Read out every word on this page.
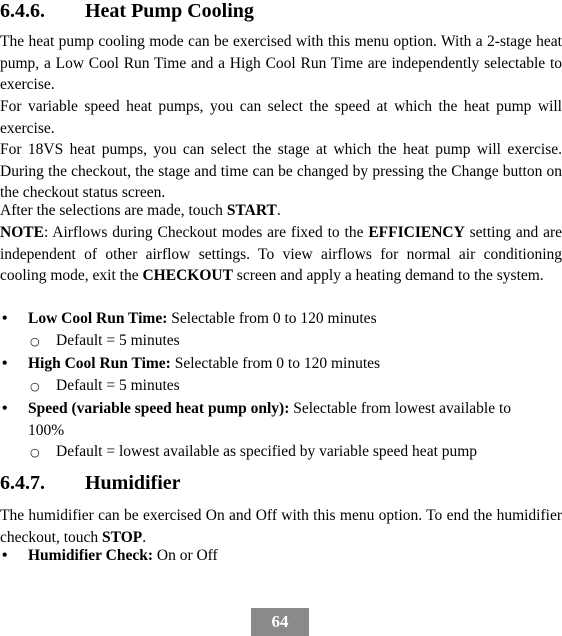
6.4.6. Heat Pump Cooling

The heat pump cooling mode can be exercised with this menu option. With a 2-stage heat pump, a Low Cool Run Time and a High Cool Run Time are independently selectable to exercise.

For variable speed heat pumps, you can select the speed at which the heat pump will exercise.

For 18VS heat pumps, you can select the stage at which the heat pump will exercise. During the checkout, the stage and time can be changed by pressing the Change button on the checkout status screen.

After the selections are made, touch START.

NOTE: Airflows during Checkout modes are fixed to the EFFICIENCY setting and are independent of other airflow settings. To view airflows for normal air conditioning cooling mode, exit the CHECKOUT screen and apply a heating demand to the system.

• Low Cool Run Time: Selectable from 0 to 120 minutes
○ Default = 5 minutes
• High Cool Run Time: Selectable from 0 to 120 minutes
○ Default = 5 minutes
• Speed (variable speed heat pump only): Selectable from lowest available to 100%
○ Default = lowest available as specified by variable speed heat pump
6.4.7. Humidifier

The humidifier can be exercised On and Off with this menu option. To end the humidifier checkout, touch STOP.

• Humidifier Check: On or Off
64
